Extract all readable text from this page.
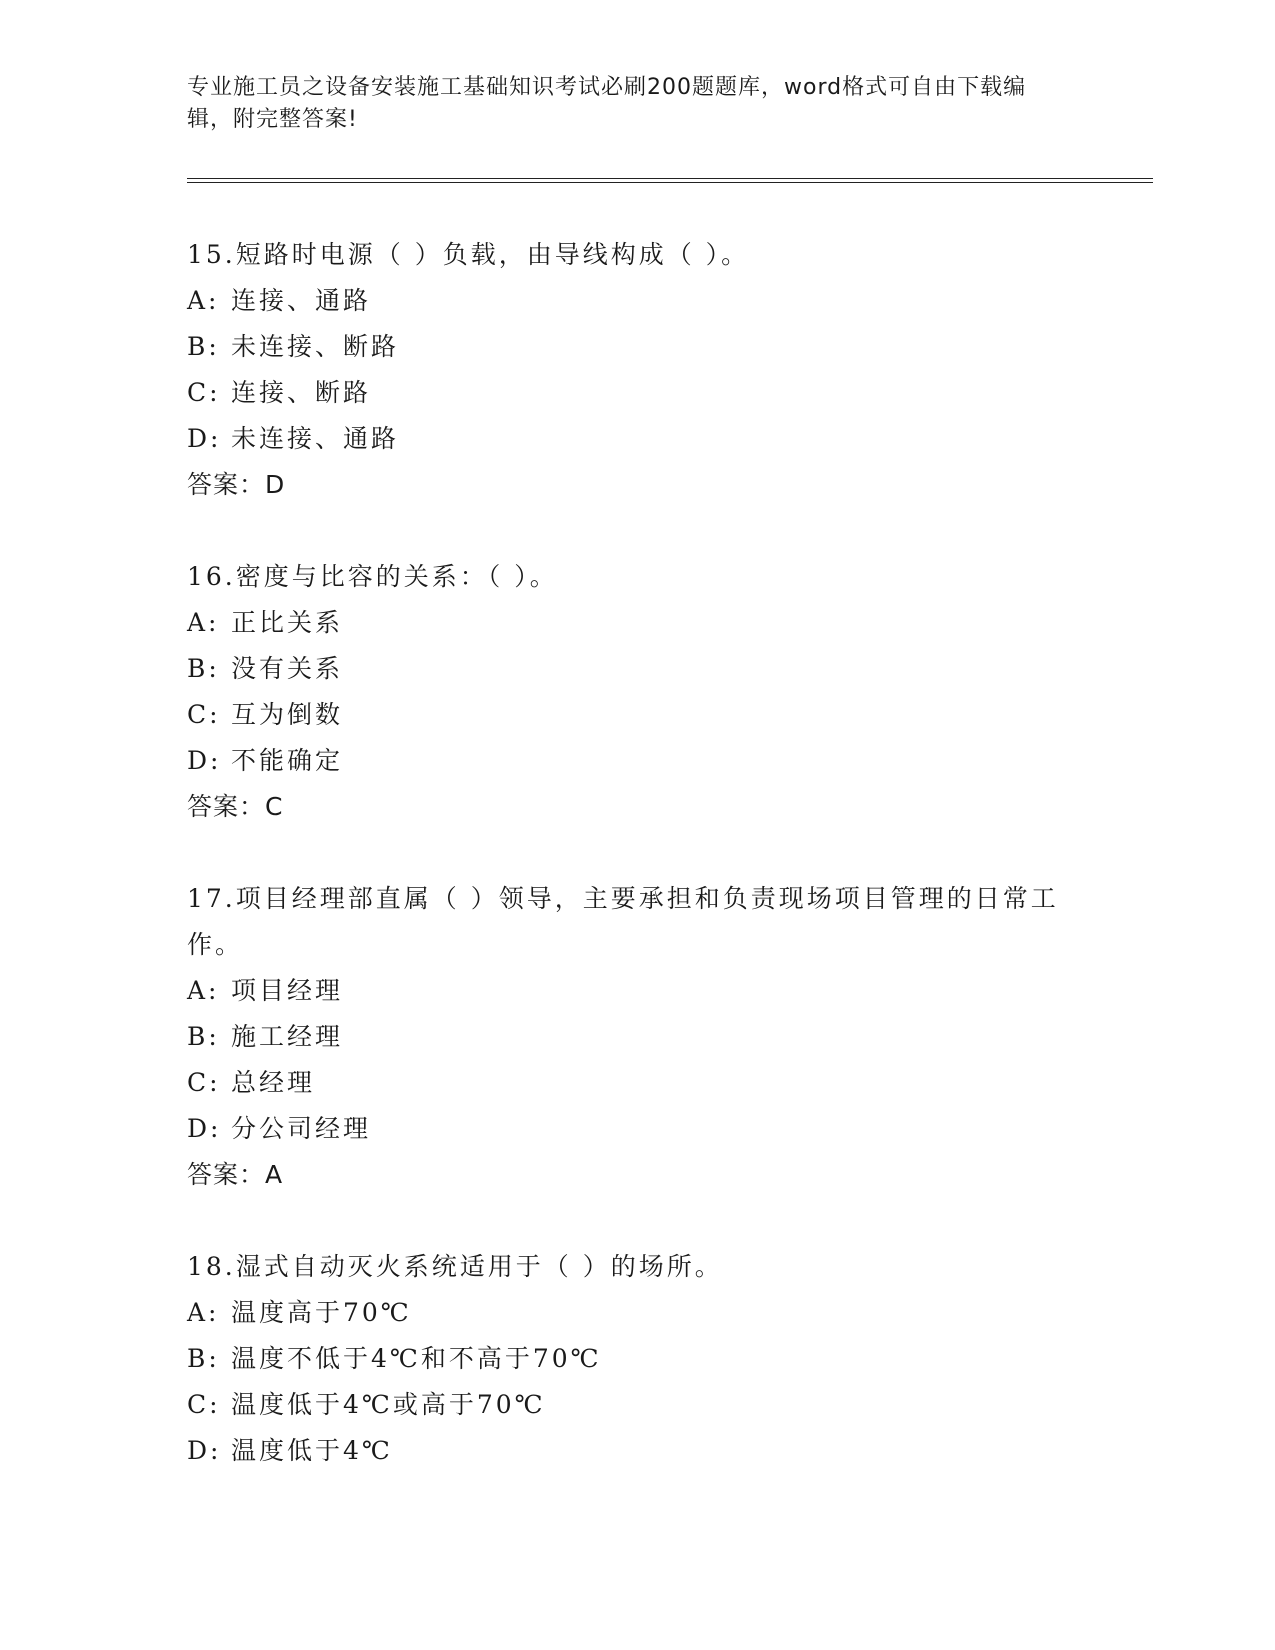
专业施工员之设备安装施工基础知识考试必刷200题题库，word格式可自由下载编辑，附完整答案!
15.短路时电源（ ）负载，由导线构成（ ）。
A: 连接、通路
B: 未连接、断路
C: 连接、断路
D: 未连接、通路
答案：D
16.密度与比容的关系：（ ）。
A: 正比关系
B: 没有关系
C: 互为倒数
D: 不能确定
答案：C
17.项目经理部直属（ ）领导，主要承担和负责现场项目管理的日常工作。
A: 项目经理
B: 施工经理
C: 总经理
D: 分公司经理
答案：A
18.湿式自动灭火系统适用于（ ）的场所。
A: 温度高于70℃
B: 温度不低于4℃和不高于70℃
C: 温度低于4℃或高于70℃
D: 温度低于4℃
